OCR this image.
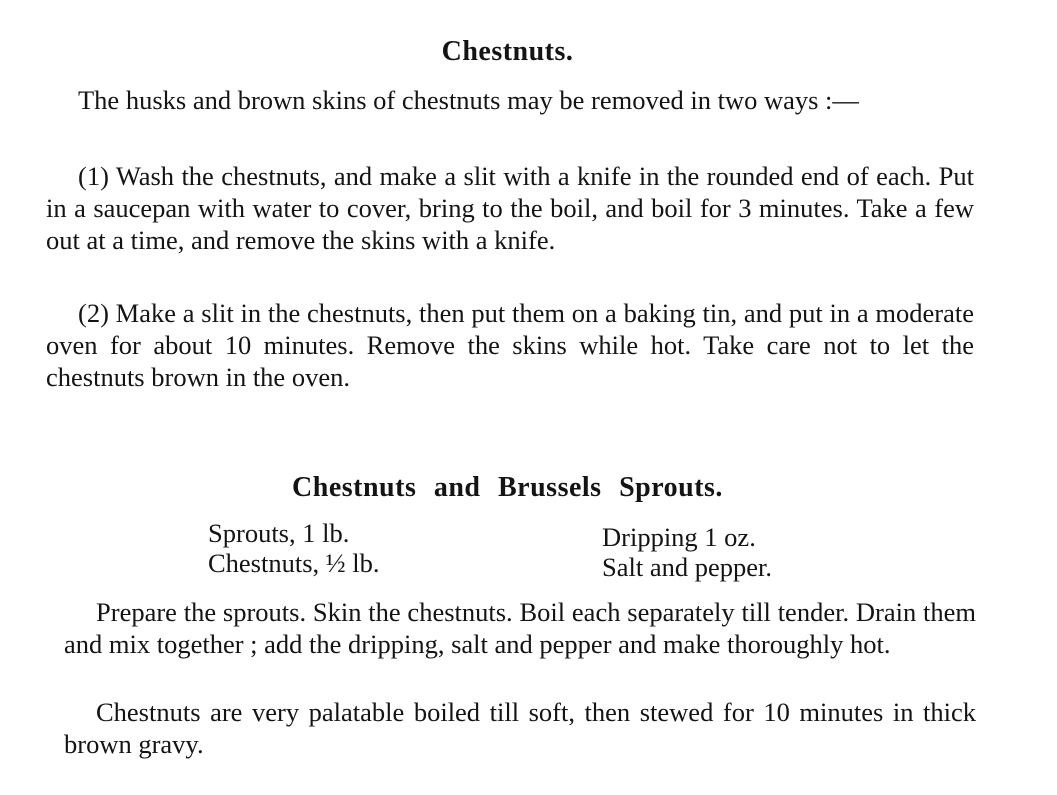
Chestnuts.
The husks and brown skins of chestnuts may be removed in two ways :—
(1) Wash the chestnuts, and make a slit with a knife in the rounded end of each. Put in a saucepan with water to cover, bring to the boil, and boil for 3 minutes. Take a few out at a time, and remove the skins with a knife.
(2) Make a slit in the chestnuts, then put them on a baking tin, and put in a moderate oven for about 10 minutes. Remove the skins while hot. Take care not to let the chestnuts brown in the oven.
Chestnuts and Brussels Sprouts.
Sprouts, 1 lb.
Chestnuts, ½ lb.
Dripping 1 oz.
Salt and pepper.
Prepare the sprouts. Skin the chestnuts. Boil each separately till tender. Drain them and mix together ; add the dripping, salt and pepper and make thoroughly hot.
Chestnuts are very palatable boiled till soft, then stewed for 10 minutes in thick brown gravy.
